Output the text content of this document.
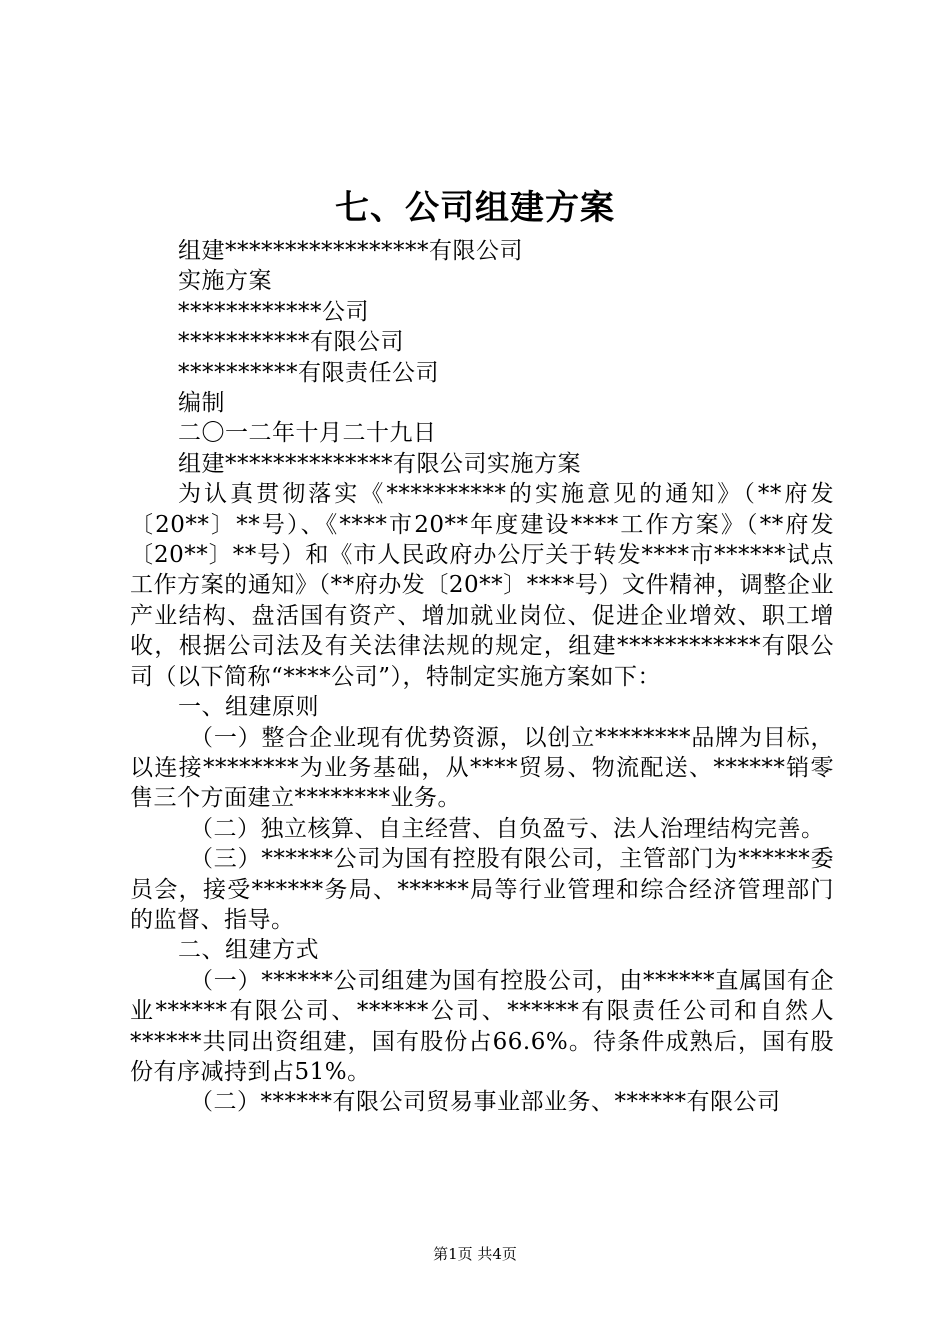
七、公司组建方案

组建*****************有限公司

实施方案

************公司

***********有限公司

**********有限责任公司

编制

二〇一二年十月二十九日

组建**************有限公司实施方案

为认真贯彻落实《**********的实施意见的通知》（**府发〔20**〕**号）、《****市20**年度建设****工作方案》（**府发〔20**〕**号）和《市人民政府办公厅关于转发****市******试点工作方案的通知》（**府办发〔20**〕****号）文件精神，调整企业产业结构、盘活国有资产、增加就业岗位、促进企业增效、职工增收，根据公司法及有关法律法规的规定，组建************有限公司（以下简称“****公司”），特制定实施方案如下：

一、组建原则

（一）整合企业现有优势资源，以创立********品牌为目标，以连接********为业务基础，从****贸易、物流配送、******销零售三个方面建立********业务。

（二）独立核算、自主经营、自负盈亏、法人治理结构完善。

（三）******公司为国有控股有限公司，主管部门为******委员会，接受******务局、******局等行业管理和综合经济管理部门的监督、指导。

二、组建方式

（一）******公司组建为国有控股公司，由******直属国有企业******有限公司、******公司、******有限责任公司和自然人******共同出资组建，国有股份占66.6%。待条件成熟后，国有股份有序减持到占51%。

（二）******有限公司贸易事业部业务、******有限公司

第1页 共4页
